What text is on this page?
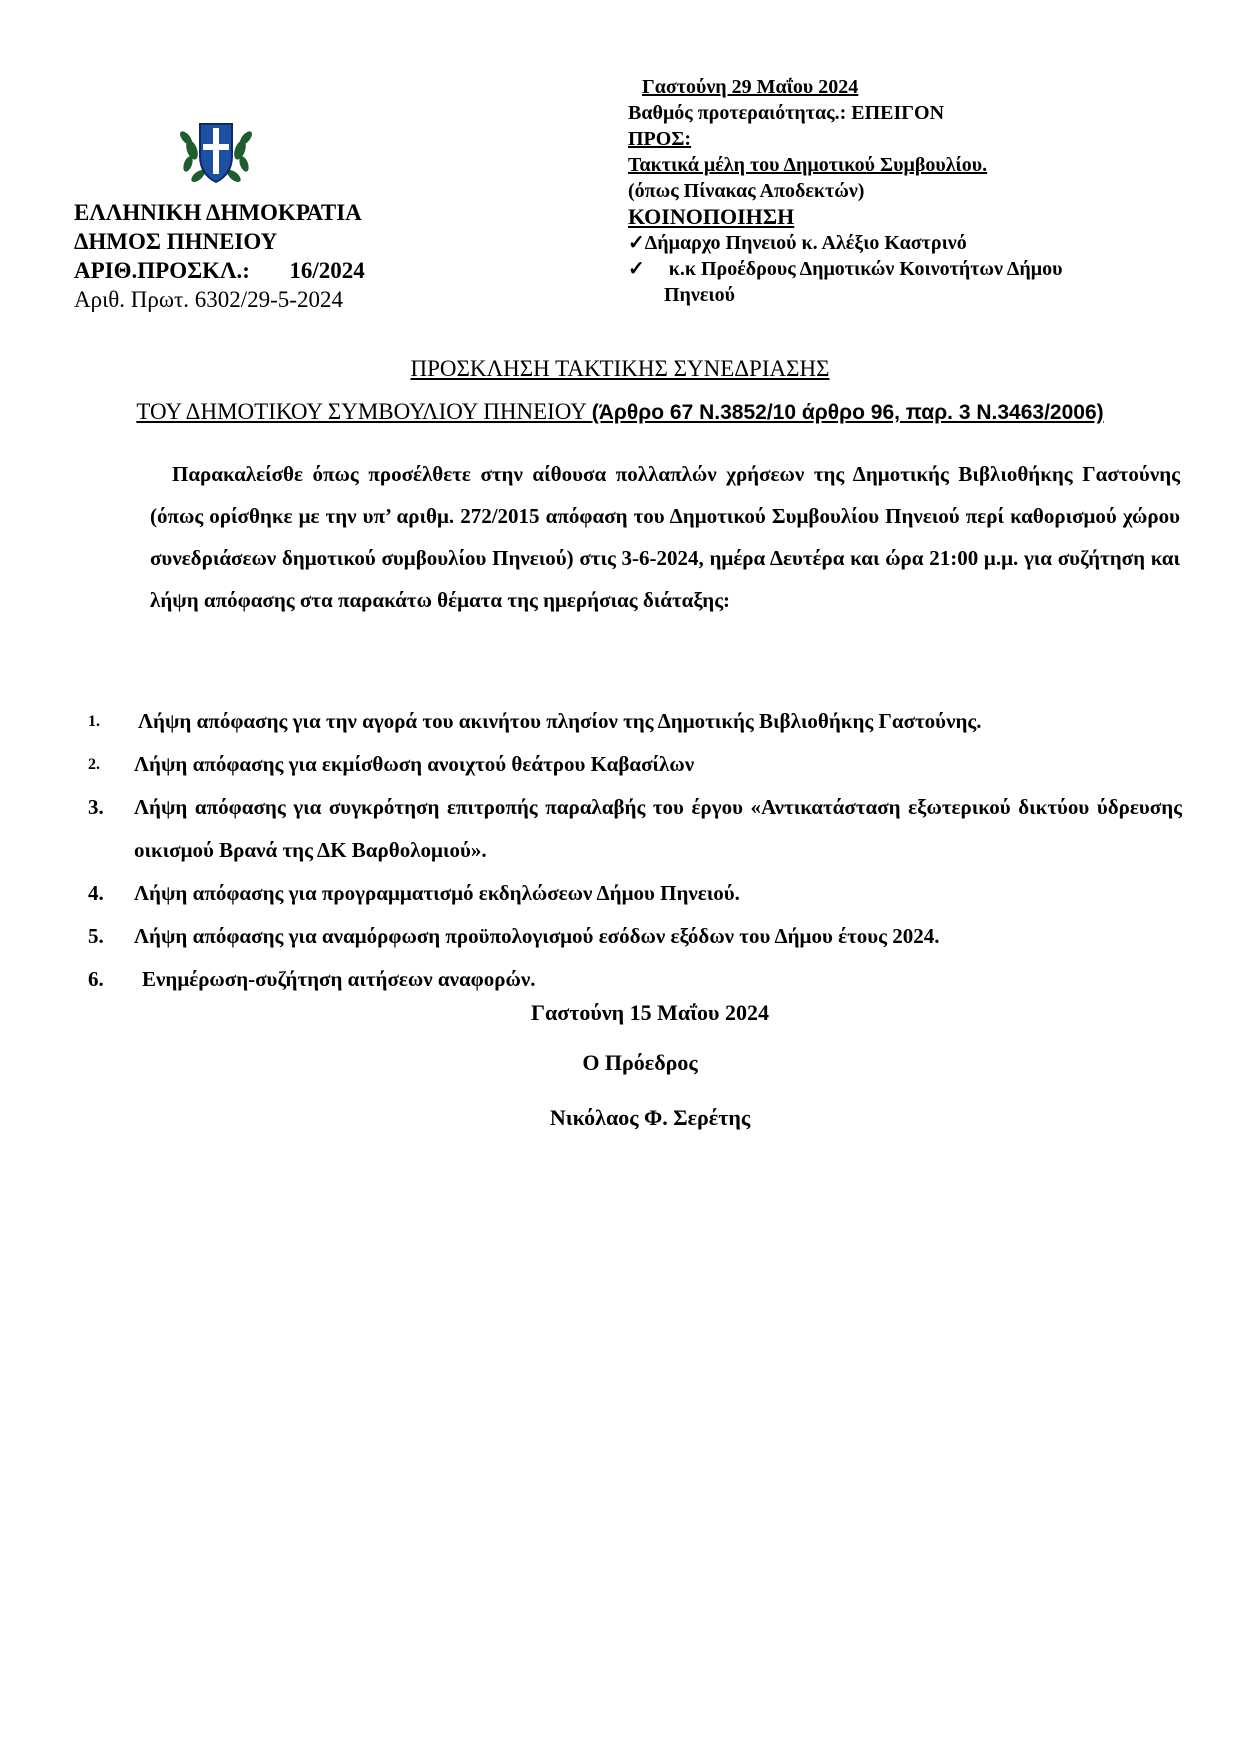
ΕΛΛΗΝΙΚΗ ΔΗΜΟΚΡΑΤΙΑ
ΔΗΜΟΣ ΠΗΝΕΙΟΥ
ΑΡΙΘ.ΠΡΟΣΚΛ.: 16/2024
Αριθ. Πρωτ. 6302/29-5-2024
Γαστούνη 29 Μαΐου 2024
Βαθμός προτεραιότητας.: ΕΠΕΙΓΟΝ
ΠΡΟΣ:
Τακτικά μέλη του Δημοτικού Συμβουλίου.
(όπως Πίνακας Αποδεκτών)
ΚΟΙΝΟΠΟΙΗΣΗ
✓Δήμαρχο Πηνειού κ. Αλέξιο Καστρινό
✓ κ.κ Προέδρους Δημοτικών Κοινοτήτων Δήμου
Πηνειού
ΠΡΟΣΚΛΗΣΗ ΤΑΚΤΙΚΗΣ ΣΥΝΕΔΡΙΑΣΗΣ
ΤΟΥ ΔΗΜΟΤΙΚΟΥ ΣΥΜΒΟΥΛΙΟΥ ΠΗΝΕΙΟΥ (Άρθρο 67 Ν.3852/10 άρθρο 96, παρ. 3 Ν.3463/2006)
Παρακαλείσθε όπως προσέλθετε στην αίθουσα πολλαπλών χρήσεων της Δημοτικής Βιβλιοθήκης Γαστούνης (όπως ορίσθηκε με την υπ’ αριθμ. 272/2015 απόφαση του Δημοτικού Συμβουλίου Πηνειού περί καθορισμού χώρου συνεδριάσεων δημοτικού συμβουλίου Πηνειού) στις 3-6-2024, ημέρα Δευτέρα και ώρα 21:00 μ.μ. για συζήτηση και λήψη απόφασης στα παρακάτω θέματα της ημερήσιας διάταξης:
1.	Λήψη απόφασης για την αγορά του ακινήτου πλησίον της Δημοτικής Βιβλιοθήκης Γαστούνης.
2.	Λήψη απόφασης για εκμίσθωση ανοιχτού θεάτρου Καβασίλων
3.	Λήψη απόφασης για συγκρότηση επιτροπής παραλαβής του έργου «Αντικατάσταση εξωτερικού δικτύου ύδρευσης οικισμού Βρανά της ΔΚ Βαρθολομιού».
4.	Λήψη απόφασης για προγραμματισμό εκδηλώσεων Δήμου Πηνειού.
5.	Λήψη απόφασης για αναμόρφωση προϋπολογισμού εσόδων εξόδων του Δήμου έτους 2024.
6.	Ενημέρωση-συζήτηση αιτήσεων αναφορών.
Γαστούνη 15 Μαΐου 2024
Ο Πρόεδρος
Νικόλαος Φ. Σερέτης
